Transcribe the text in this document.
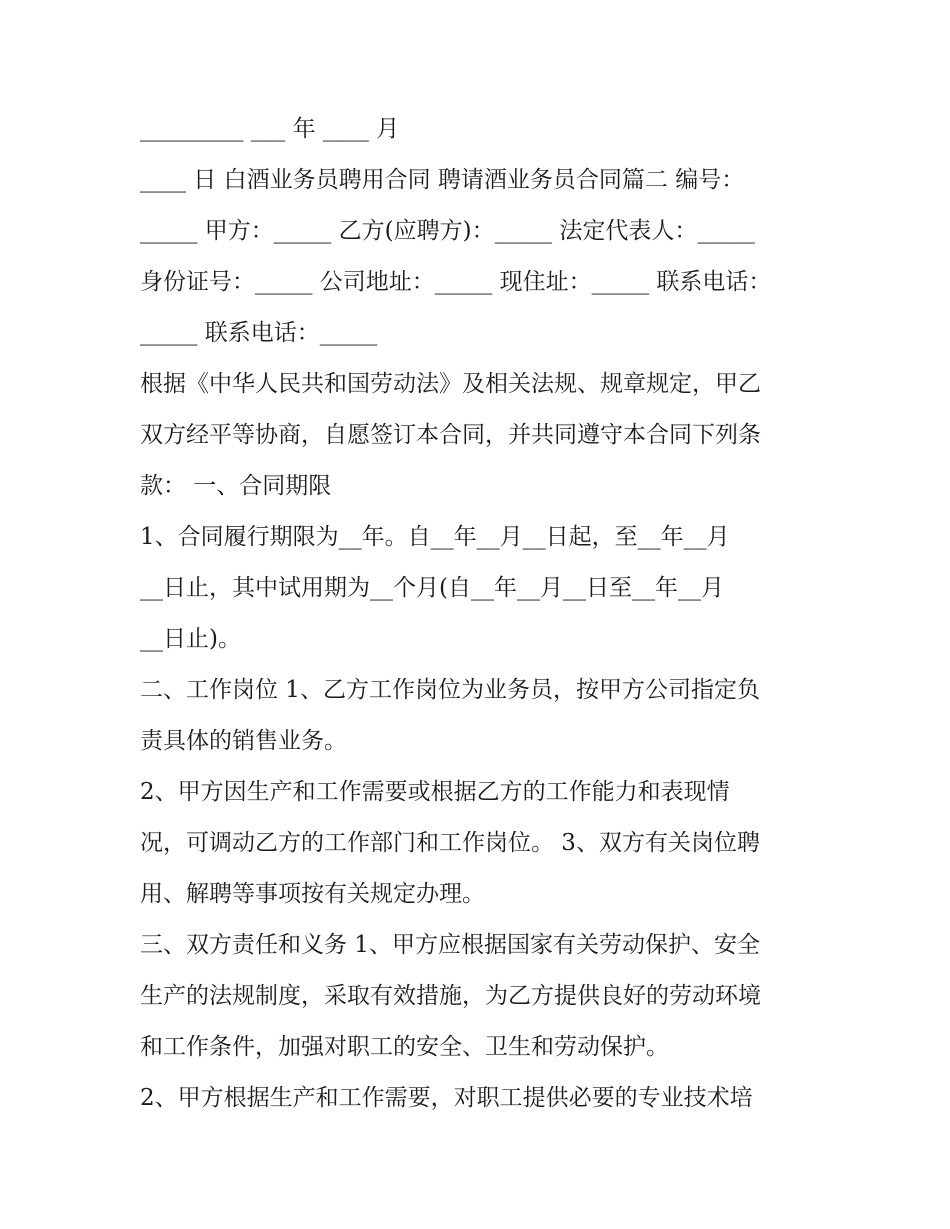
_________ ___ 年 ____ 月
____ 日 白酒业务员聘用合同 聘请酒业务员合同篇二 编号：
_____ 甲方：_____ 乙方(应聘方)：_____ 法定代表人：_____
身份证号：_____ 公司地址：_____ 现住址：_____ 联系电话：
_____ 联系电话：_____
根据《中华人民共和国劳动法》及相关法规、规章规定，甲乙
双方经平等协商，自愿签订本合同，并共同遵守本合同下列条
款： 一、合同期限
1、合同履行期限为__年。自__年__月__日起，至__年__月
__日止，其中试用期为__个月(自__年__月__日至__年__月
__日止)。
二、工作岗位 1、乙方工作岗位为业务员，按甲方公司指定负
责具体的销售业务。
2、甲方因生产和工作需要或根据乙方的工作能力和表现情
况，可调动乙方的工作部门和工作岗位。 3、双方有关岗位聘
用、解聘等事项按有关规定办理。
三、双方责任和义务 1、甲方应根据国家有关劳动保护、安全
生产的法规制度，采取有效措施，为乙方提供良好的劳动环境
和工作条件，加强对职工的安全、卫生和劳动保护。
2、甲方根据生产和工作需要，对职工提供必要的专业技术培
